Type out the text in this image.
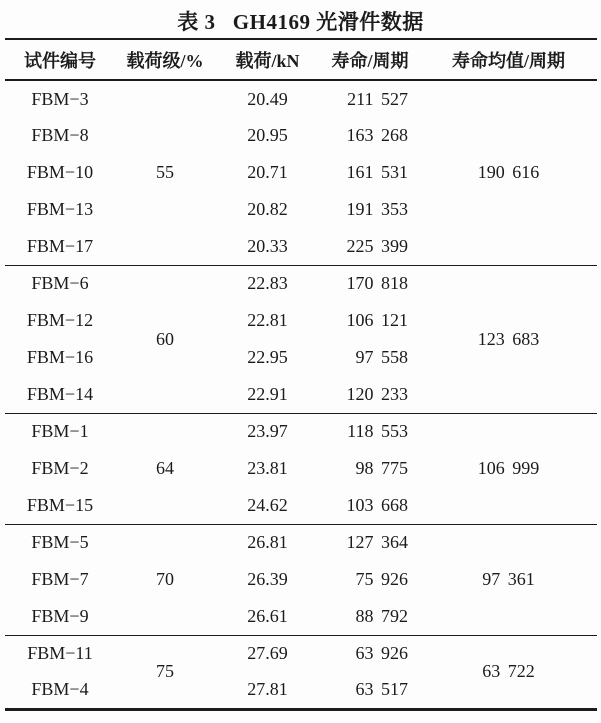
表 3   GH4169 光滑件数据
试件编号	载荷级/%	载荷/kN	寿命/周期	寿命均值/周期
FBM−3	55	20.49	211 527	190 616
FBM−8		20.95	163 268	
FBM−10		20.71	161 531	
FBM−13		20.82	191 353	
FBM−17		20.33	225 399	
FBM−6	60	22.83	170 818	123 683
FBM−12		22.81	106 121	
FBM−16		22.95	97 558	
FBM−14		22.91	120 233	
FBM−1	64	23.97	118 553	106 999
FBM−2		23.81	98 775	
FBM−15		24.62	103 668	
FBM−5	70	26.81	127 364	97 361
FBM−7		26.39	75 926	
FBM−9		26.61	88 792	
FBM−11	75	27.69	63 926	63 722
FBM−4		27.81	63 517	
